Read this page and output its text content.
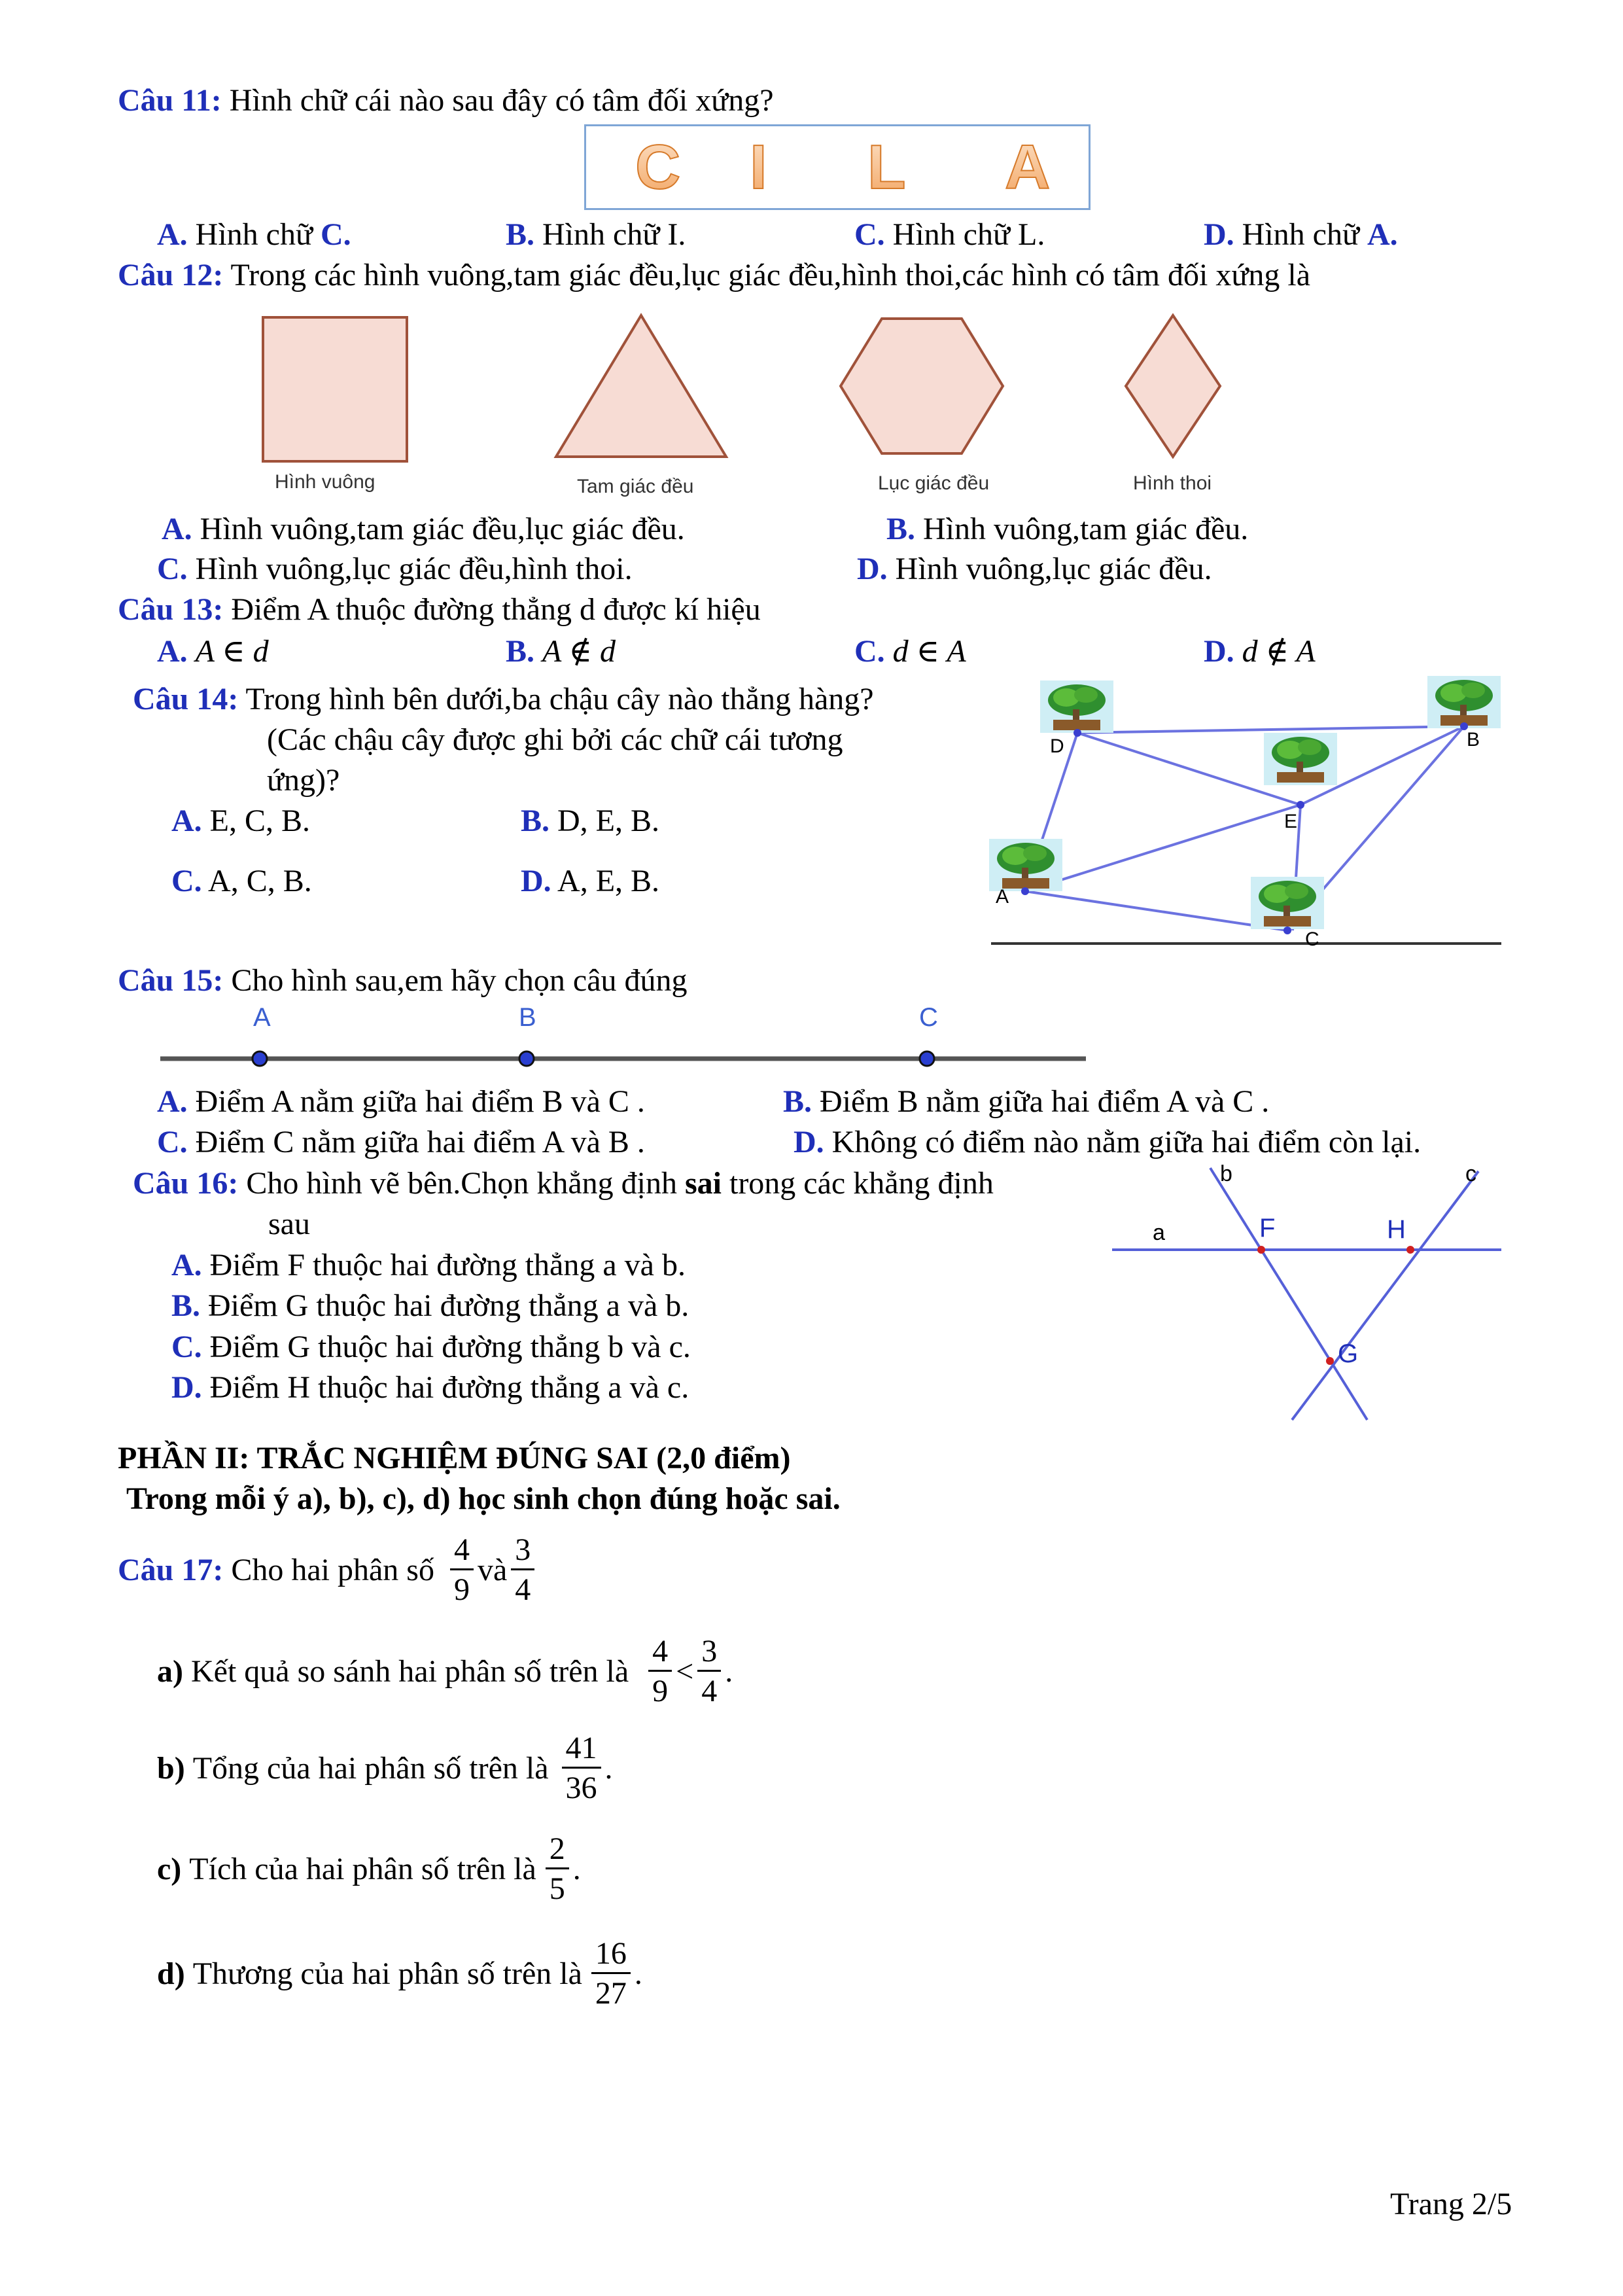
Câu 11: Hình chữ cái nào sau đây có tâm đối xứng?
C I L A
A. Hình chữ C.	B. Hình chữ I.	C. Hình chữ L.	D. Hình chữ A.
Câu 12: Trong các hình vuông,tam giác đều,lục giác đều,hình thoi,các hình có tâm đối xứng là
Hình vuông	Tam giác đều	Lục giác đều	Hình thoi
A. Hình vuông,tam giác đều,lục giác đều.	B. Hình vuông,tam giác đều.
C. Hình vuông,lục giác đều,hình thoi.	D. Hình vuông,lục giác đều.
Câu 13: Điểm A thuộc đường thẳng d được kí hiệu
A. A ∈ d	B. A ∉ d	C. d ∈ A	D. d ∉ A
Câu 14: Trong hình bên dưới,ba chậu cây nào thẳng hàng?
(Các chậu cây được ghi bởi các chữ cái tương
ứng)?
A. E, C, B.	B. D, E, B.
C. A, C, B.	D. A, E, B.
D	B
E
A
C
Câu 15: Cho hình sau,em hãy chọn câu đúng
A	B	C
A. Điểm A nằm giữa hai điểm B và C .	B. Điểm B nằm giữa hai điểm A và C .
C. Điểm C nằm giữa hai điểm A và B .	D. Không có điểm nào nằm giữa hai điểm còn lại.
Câu 16: Cho hình vẽ bên.Chọn khẳng định sai trong các khẳng định
sau
A. Điểm F thuộc hai đường thẳng a và b.
B. Điểm G thuộc hai đường thẳng a và b.
C. Điểm G thuộc hai đường thẳng b và c.
D. Điểm H thuộc hai đường thẳng a và c.
a
b	c
F	H
G
PHẦN II: TRẮC NGHIỆM ĐÚNG SAI (2,0 điểm)
Trong mỗi ý a), b), c), d) học sinh chọn đúng hoặc sai.
Câu 17:
Cho hai phân số $\frac{4}{9}$ và $\frac{3}{4}$
a)
Kết quả so sánh hai phân số trên là $\frac{4}{9} < \frac{3}{4}$ .
b)
Tổng của hai phân số trên là $\frac{41}{36}$ .
c)
Tích của hai phân số trên là $\frac{2}{5}$ .
d)
Thương của hai phân số trên là $\frac{16}{27}$ .
Trang 2/5
